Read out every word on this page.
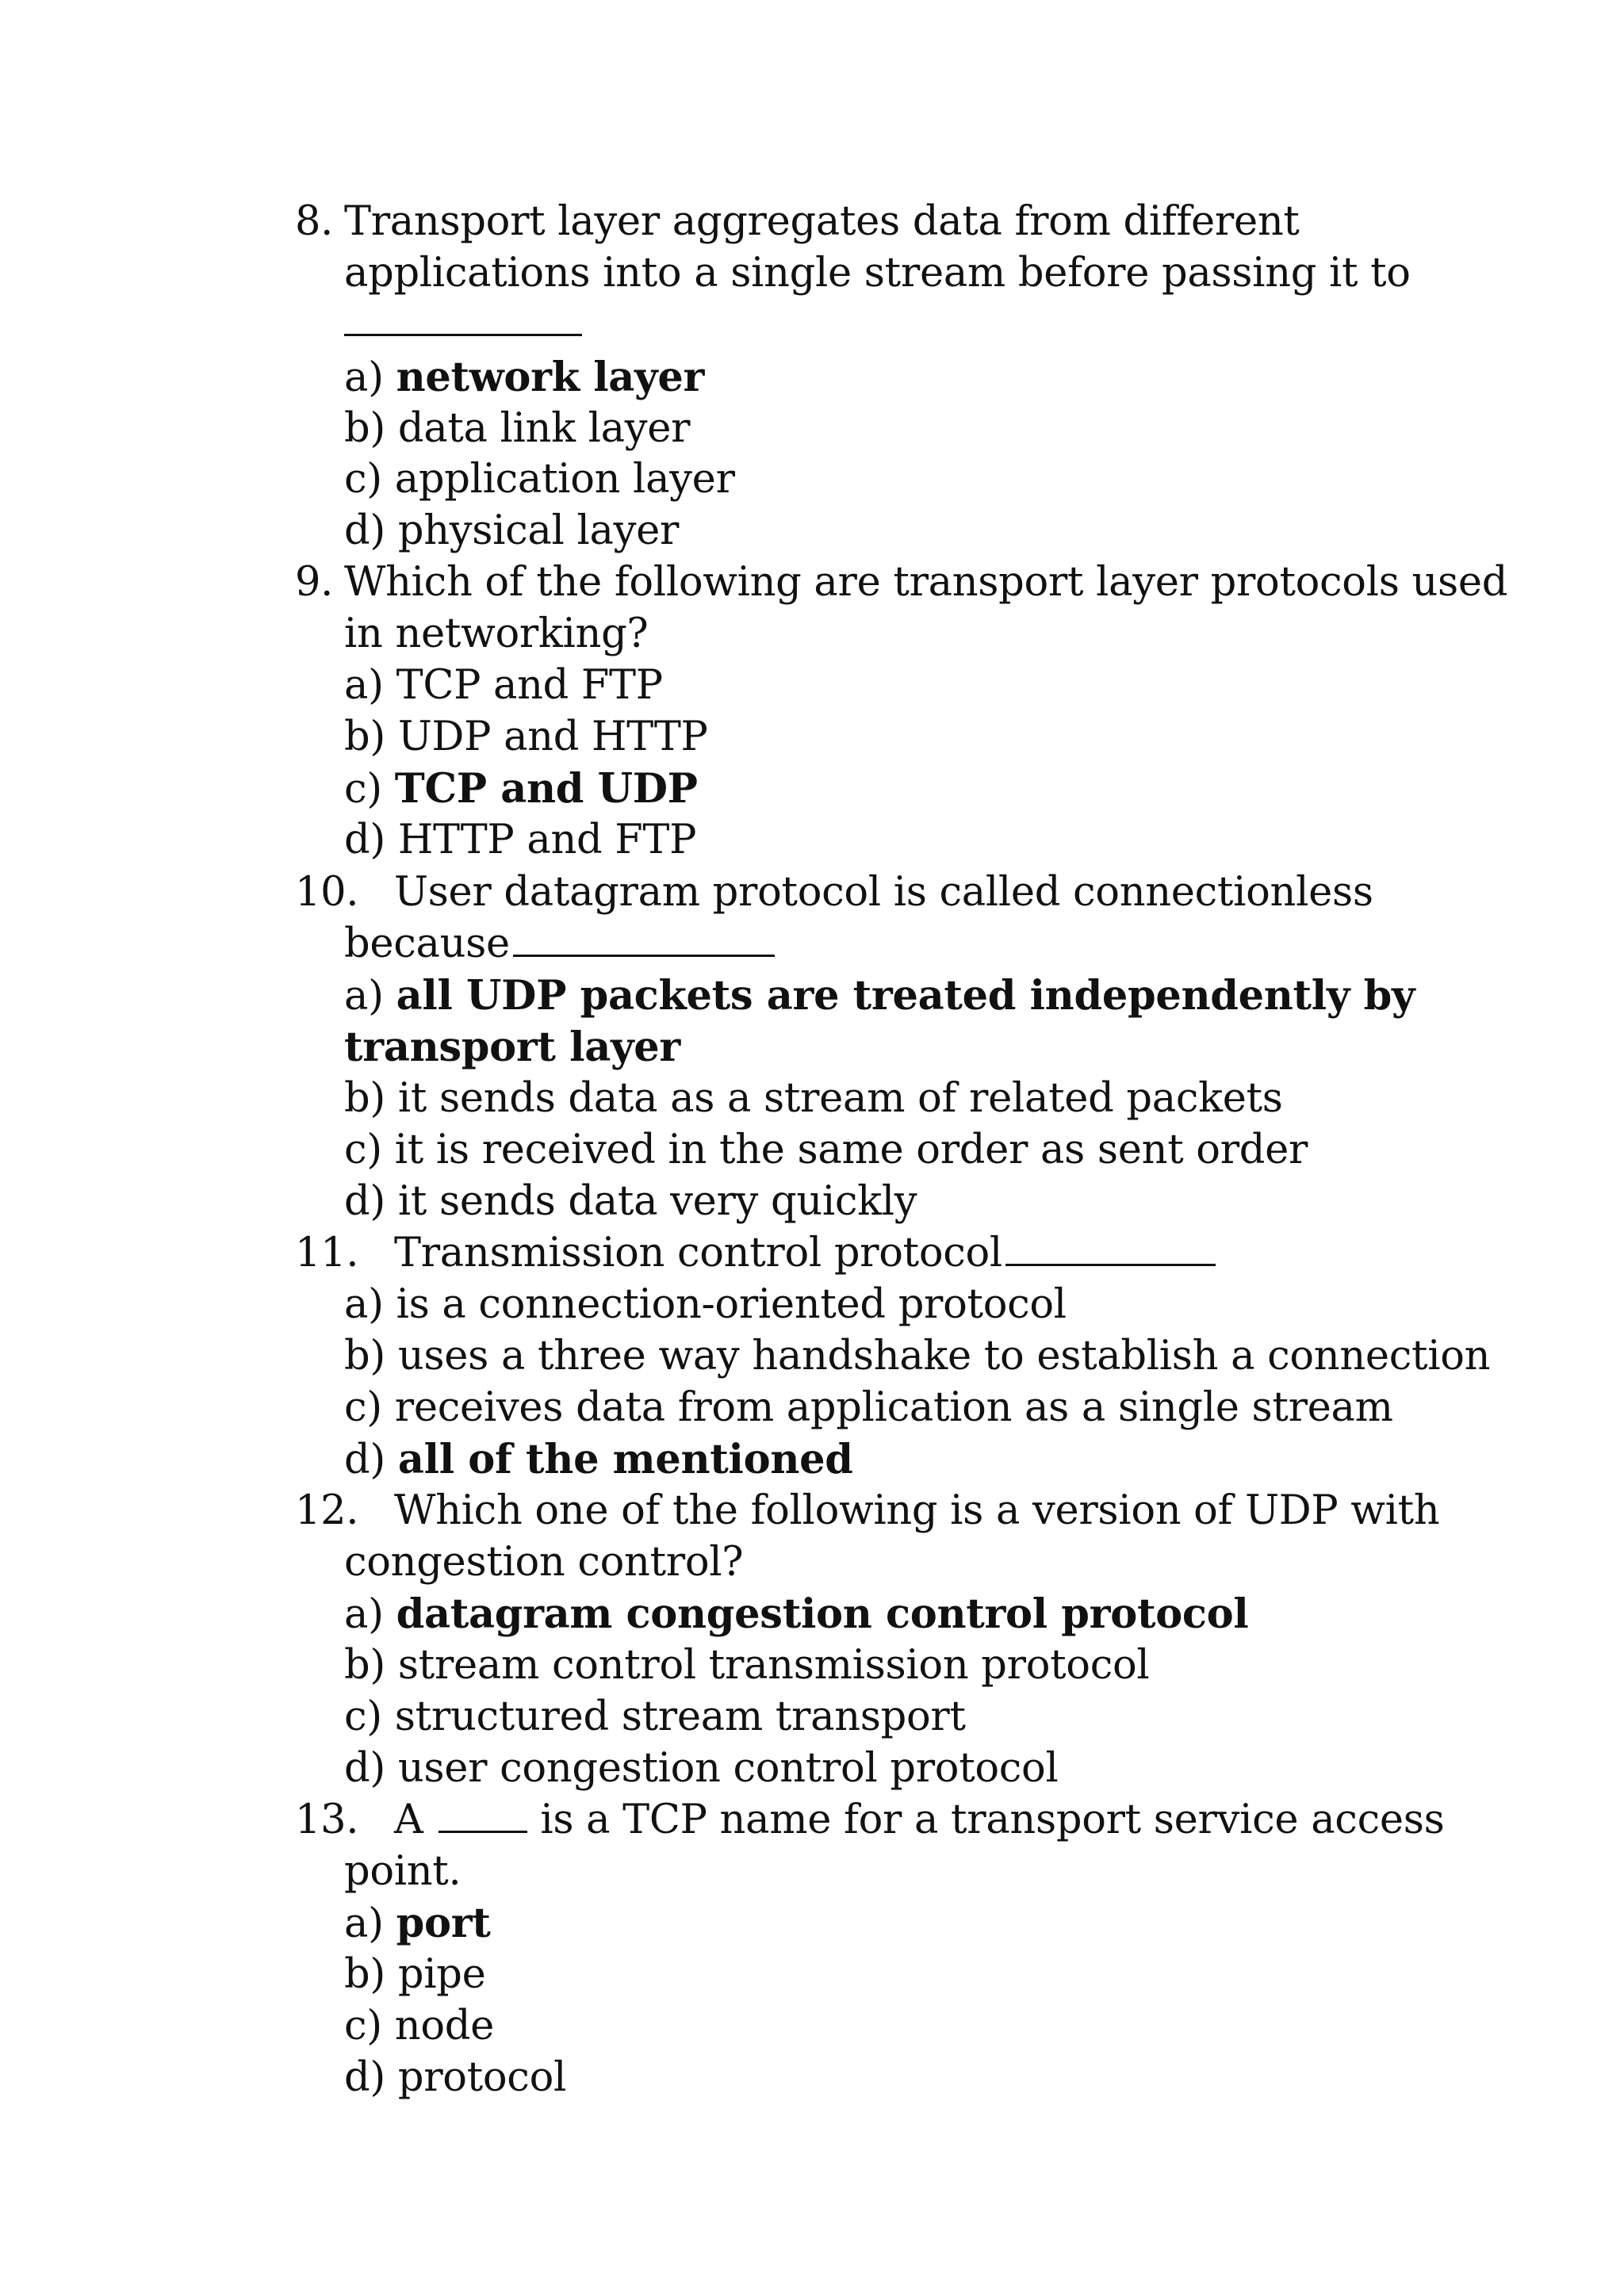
8. Transport layer aggregates data from different
applications into a single stream before passing it to
a) network layer
b) data link layer
c) application layer
d) physical layer
9. Which of the following are transport layer protocols used
in networking?
a) TCP and FTP
b) UDP and HTTP
c) TCP and UDP
d) HTTP and FTP
10. User datagram protocol is called connectionless
because
a) all UDP packets are treated independently by
transport layer
b) it sends data as a stream of related packets
c) it is received in the same order as sent order
d) it sends data very quickly
11. Transmission control protocol
a) is a connection-oriented protocol
b) uses a three way handshake to establish a connection
c) receives data from application as a single stream
d) all of the mentioned
12. Which one of the following is a version of UDP with
congestion control?
a) datagram congestion control protocol
b) stream control transmission protocol
c) structured stream transport
d) user congestion control protocol
13. A	is a TCP name for a transport service access
point.
a) port
b) pipe
c) node
d) protocol
